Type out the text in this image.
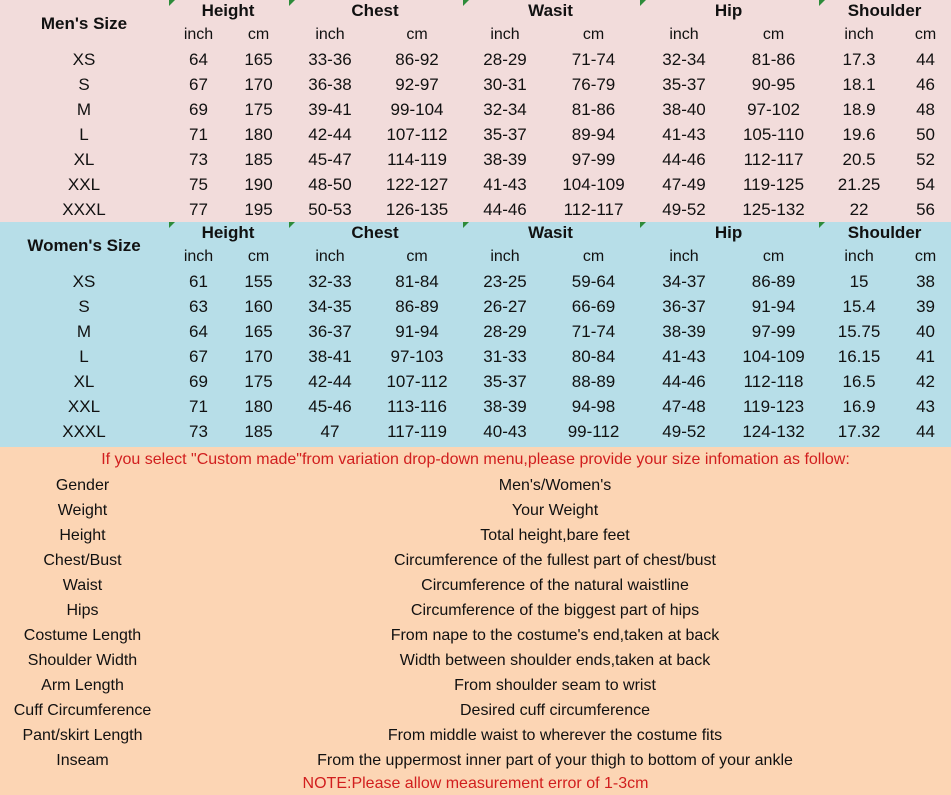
Men's Size	Height		Chest		Wasit		Hip		Shoulder	
	inch	cm	inch	cm	inch	cm	inch	cm	inch	cm
XS	64	165	33-36	86-92	28-29	71-74	32-34	81-86	17.3	44
S	67	170	36-38	92-97	30-31	76-79	35-37	90-95	18.1	46
M	69	175	39-41	99-104	32-34	81-86	38-40	97-102	18.9	48
L	71	180	42-44	107-112	35-37	89-94	41-43	105-110	19.6	50
XL	73	185	45-47	114-119	38-39	97-99	44-46	112-117	20.5	52
XXL	75	190	48-50	122-127	41-43	104-109	47-49	119-125	21.25	54
XXXL	77	195	50-53	126-135	44-46	112-117	49-52	125-132	22	56
Women's Size	Height		Chest		Wasit		Hip		Shoulder	
	inch	cm	inch	cm	inch	cm	inch	cm	inch	cm
XS	61	155	32-33	81-84	23-25	59-64	34-37	86-89	15	38
S	63	160	34-35	86-89	26-27	66-69	36-37	91-94	15.4	39
M	64	165	36-37	91-94	28-29	71-74	38-39	97-99	15.75	40
L	67	170	38-41	97-103	31-33	80-84	41-43	104-109	16.15	41
XL	69	175	42-44	107-112	35-37	88-89	44-46	112-118	16.5	42
XXL	71	180	45-46	113-116	38-39	94-98	47-48	119-123	16.9	43
XXXL	73	185	47	117-119	40-43	99-112	49-52	124-132	17.32	44
If you select "Custom made"from variation drop-down menu,please provide your size infomation as follow:
Gender	Men's/Women's
Weight	Your Weight
Height	Total height,bare feet
Chest/Bust	Circumference of the fullest part of chest/bust
Waist	Circumference of the natural waistline
Hips	Circumference of the biggest part of hips
Costume Length	From nape to the costume's end,taken at back
Shoulder Width	Width between shoulder ends,taken at back
Arm Length	From shoulder seam to wrist
Cuff Circumference	Desired cuff circumference
Pant/skirt Length	From middle waist to wherever the costume fits
Inseam	From the uppermost inner part of your thigh to bottom of your ankle
NOTE:Please allow measurement error of 1-3cm
